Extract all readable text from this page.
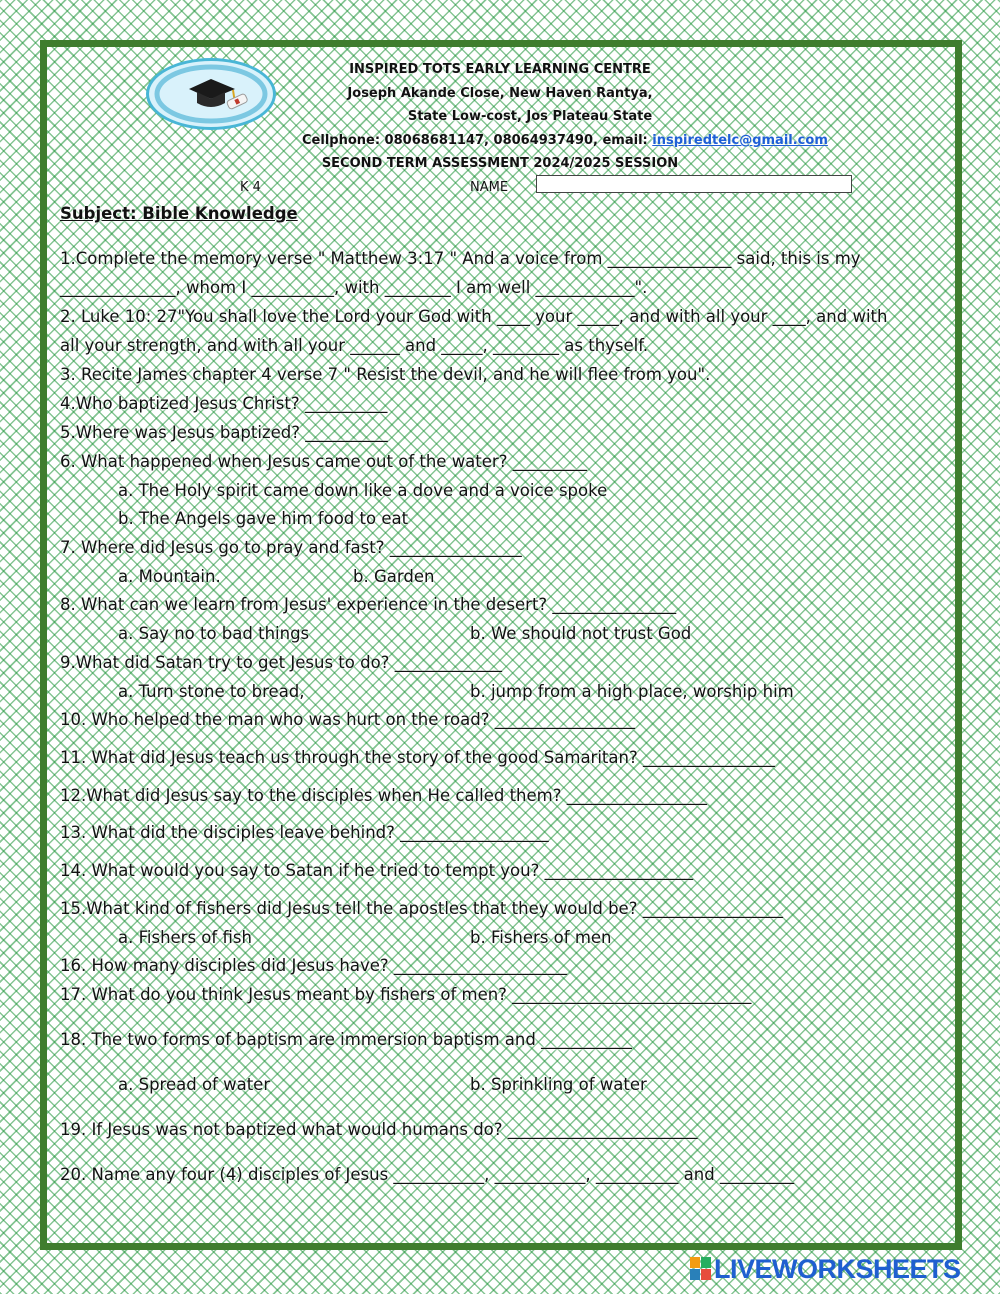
INSPIRED TOTS EARLY LEARNING CENTRE
Joseph Akande Close, New Haven Rantya,
State Low-cost, Jos Plateau State
Cellphone: 08068681147, 08064937490, email: inspiredtelc@gmail.com
SECOND TERM ASSESSMENT 2024/2025 SESSION
K 4	NAME
Subject: Bible Knowledge
1.Complete the memory verse " Matthew 3:17 " And a voice from _______________ said, this is my
______________, whom I __________, with ________ I am well ____________".
2. Luke 10: 27"You shall love the Lord your God with ____ your _____, and with all your ____, and with
all your strength, and with all your ______ and _____, ________ as thyself.
3. Recite James chapter 4 verse 7 " Resist the devil, and he will flee from you".
4.Who baptized Jesus Christ? __________
5.Where was Jesus baptized? __________
6. What happened when Jesus came out of the water? _________
a. The Holy spirit came down like a dove and a voice spoke
b. The Angels gave him food to eat
7. Where did Jesus go to pray and fast? ________________
a. Mountain.	b. Garden
8. What can we learn from Jesus' experience in the desert? _______________
a. Say no to bad things	b. We should not trust God
9.What did Satan try to get Jesus to do? _____________
a. Turn stone to bread,	b. jump from a high place, worship him
10. Who helped the man who was hurt on the road? _________________
11. What did Jesus teach us through the story of the good Samaritan? ________________
12.What did Jesus say to the disciples when He called them? _________________
13. What did the disciples leave behind? __________________
14. What would you say to Satan if he tried to tempt you? __________________
15.What kind of fishers did Jesus tell the apostles that they would be? _________________
a. Fishers of fish	b. Fishers of men
16. How many disciples did Jesus have? _____________________
17. What do you think Jesus meant by fishers of men? _____________________________
18. The two forms of baptism are immersion baptism and ___________
a. Spread of water	b. Sprinkling of water
19. If Jesus was not baptized what would humans do? _______________________
20. Name any four (4) disciples of Jesus ___________, ___________, __________ and _________
LIVEWORKSHEETS
